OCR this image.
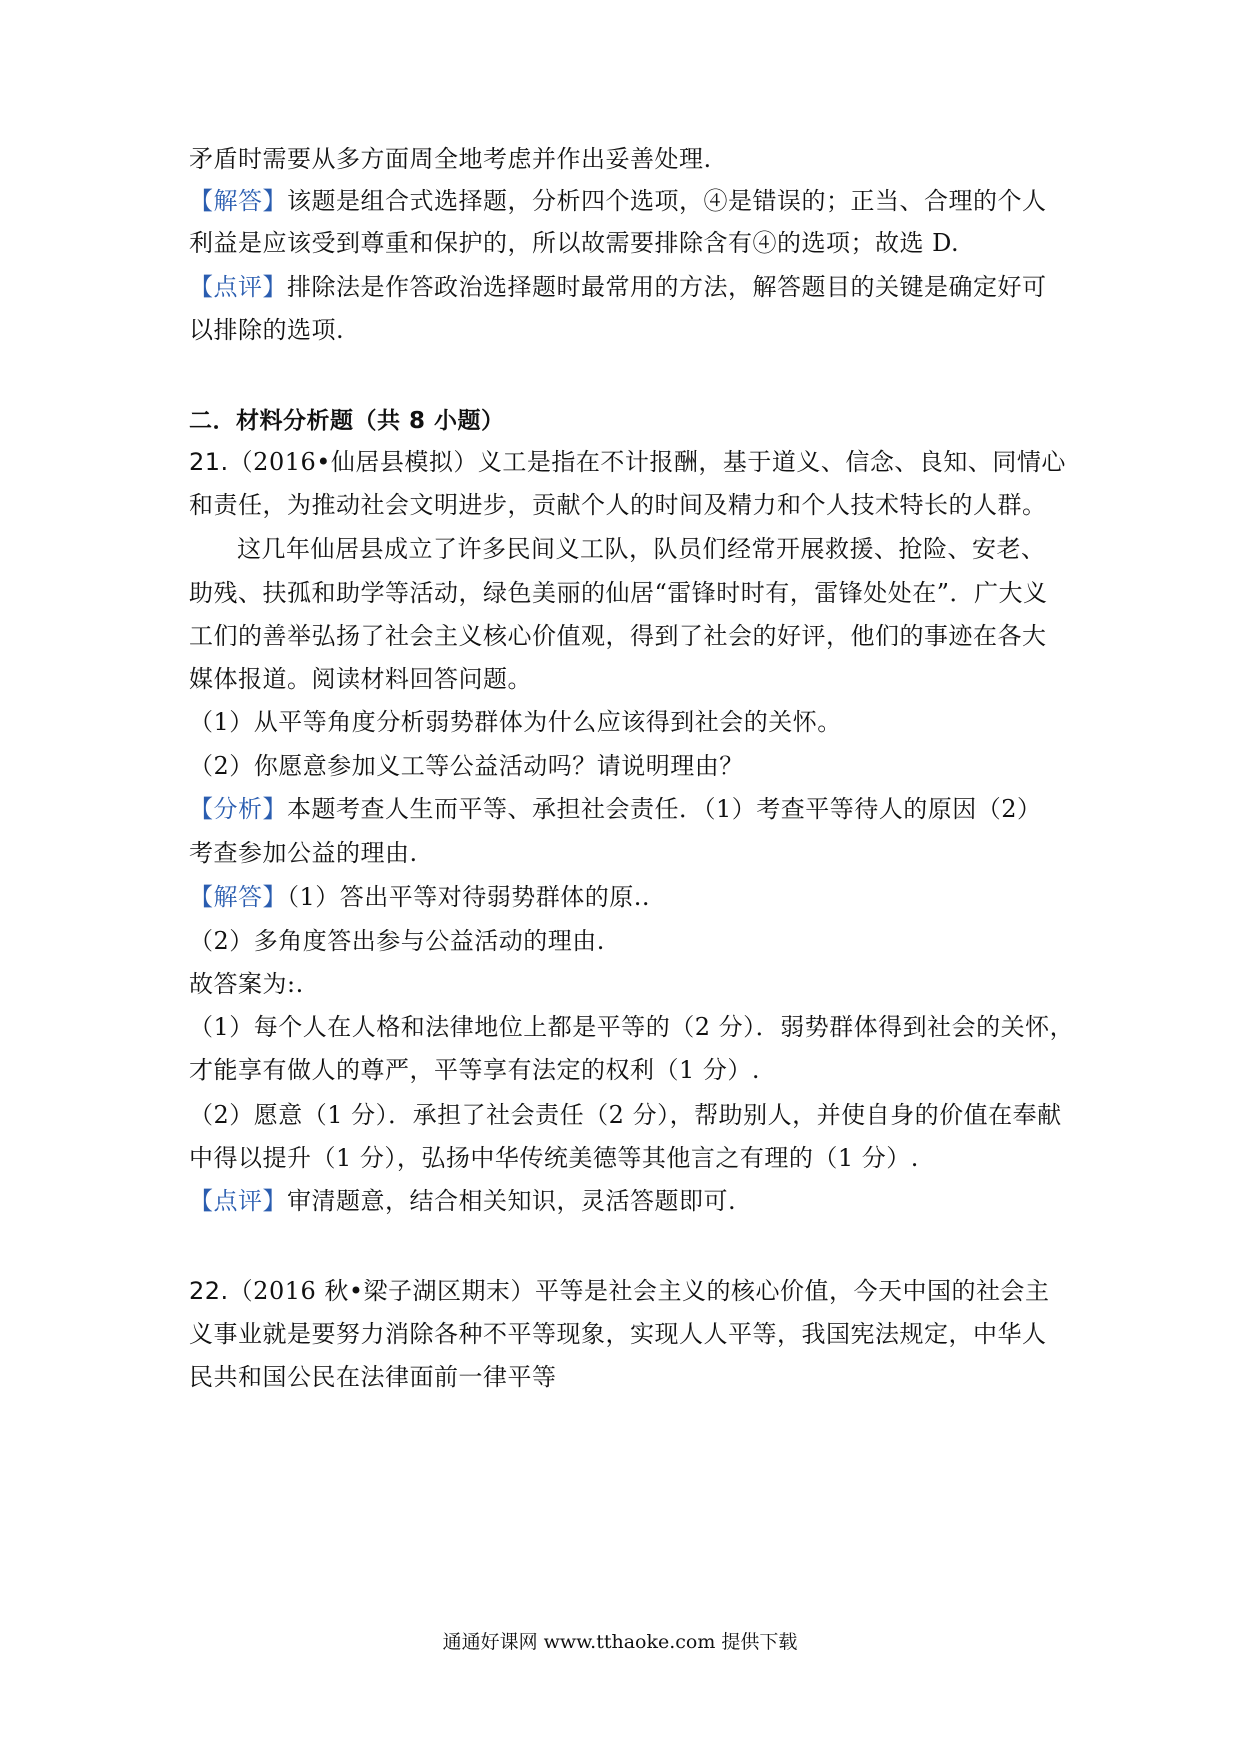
矛盾时需要从多方面周全地考虑并作出妥善处理.
【解答】该题是组合式选择题，分析四个选项，④是错误的；正当、合理的个人
利益是应该受到尊重和保护的，所以故需要排除含有④的选项；故选 D.
【点评】排除法是作答政治选择题时最常用的方法，解答题目的关键是确定好可
以排除的选项.
二．材料分析题（共 8 小题）
21.（2016•仙居县模拟）义工是指在不计报酬，基于道义、信念、良知、同情心
和责任，为推动社会文明进步，贡献个人的时间及精力和个人技术特长的人群。
这几年仙居县成立了许多民间义工队，队员们经常开展救援、抢险、安老、
助残、扶孤和助学等活动，绿色美丽的仙居“雷锋时时有，雷锋处处在”．广大义
工们的善举弘扬了社会主义核心价值观，得到了社会的好评，他们的事迹在各大
媒体报道。阅读材料回答问题。
（1）从平等角度分析弱势群体为什么应该得到社会的关怀。
（2）你愿意参加义工等公益活动吗？请说明理由？
【分析】本题考查人生而平等、承担社会责任．（1）考查平等待人的原因（2）
考查参加公益的理由.
【解答】（1）答出平等对待弱势群体的原..
（2）多角度答出参与公益活动的理由.
故答案为:.
（1）每个人在人格和法律地位上都是平等的（2 分）．弱势群体得到社会的关怀，
才能享有做人的尊严，平等享有法定的权利（1 分）.
（2）愿意（1 分）．承担了社会责任（2 分），帮助别人，并使自身的价值在奉献
中得以提升（1 分），弘扬中华传统美德等其他言之有理的（1 分）.
【点评】审清题意，结合相关知识，灵活答题即可.
22.（2016 秋•梁子湖区期末）平等是社会主义的核心价值，今天中国的社会主
义事业就是要努力消除各种不平等现象，实现人人平等，我国宪法规定，中华人
民共和国公民在法律面前一律平等
通通好课网 www.tthaoke.com 提供下载
